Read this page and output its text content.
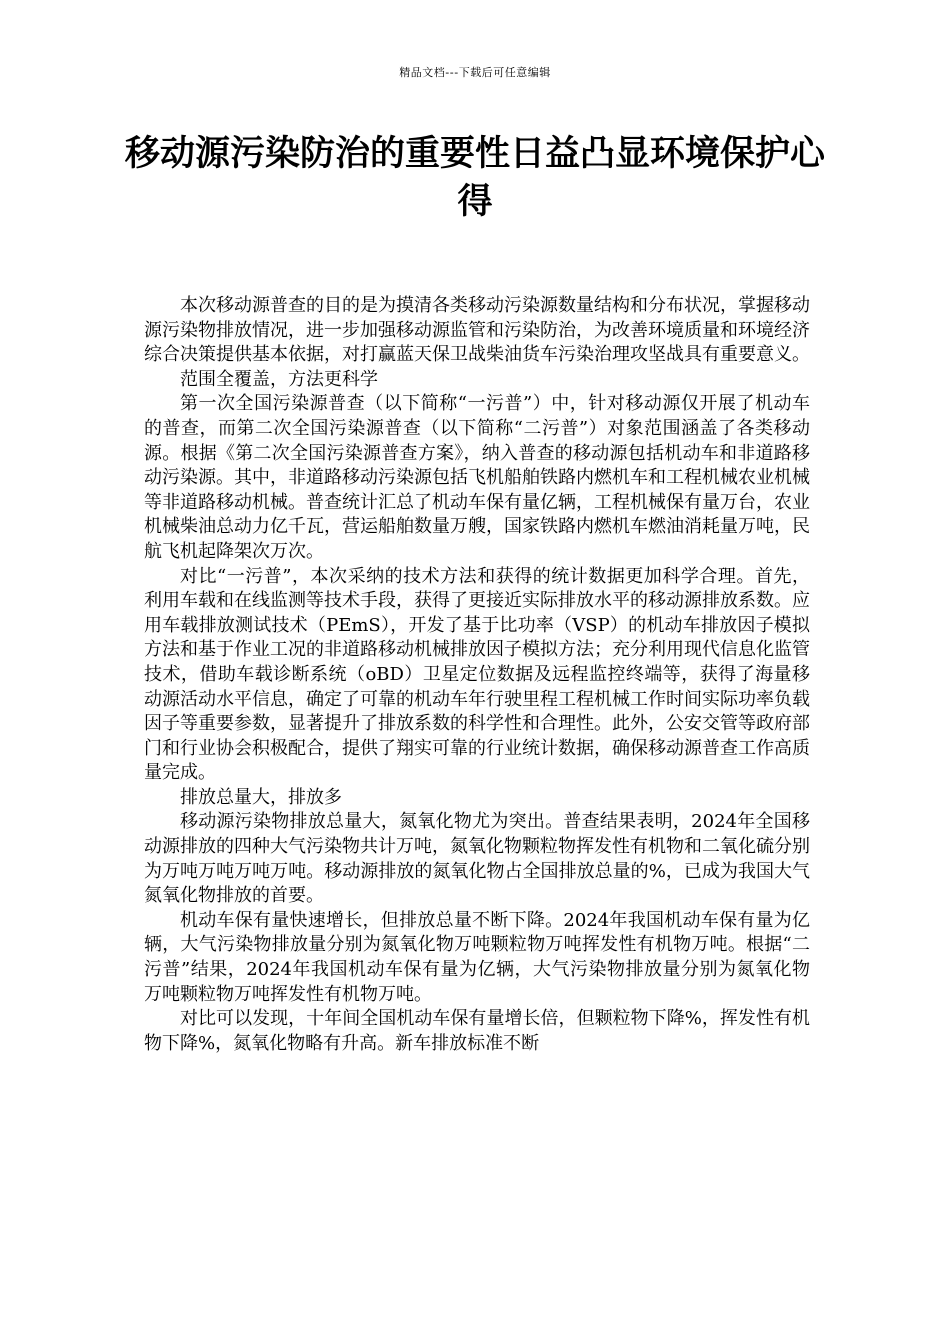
精品文档---下载后可任意编辑
移动源污染防治的重要性日益凸显环境保护心得

本次移动源普查的目的是为摸清各类移动污染源数量结构和分布状况，掌握移动源污染物排放情况，进一步加强移动源监管和污染防治，为改善环境质量和环境经济综合决策提供基本依据，对打赢蓝天保卫战柴油货车污染治理攻坚战具有重要意义。

范围全覆盖，方法更科学

第一次全国污染源普查（以下简称“一污普”）中，针对移动源仅开展了机动车的普查，而第二次全国污染源普查（以下简称“二污普”）对象范围涵盖了各类移动源。根据《第二次全国污染源普查方案》，纳入普查的移动源包括机动车和非道路移动污染源。其中，非道路移动污染源包括飞机船舶铁路内燃机车和工程机械农业机械等非道路移动机械。普查统计汇总了机动车保有量亿辆，工程机械保有量万台，农业机械柴油总动力亿千瓦，营运船舶数量万艘，国家铁路内燃机车燃油消耗量万吨，民航飞机起降架次万次。

对比“一污普”，本次采纳的技术方法和获得的统计数据更加科学合理。首先，利用车载和在线监测等技术手段，获得了更接近实际排放水平的移动源排放系数。应用车载排放测试技术（PEmS），开发了基于比功率（VSP）的机动车排放因子模拟方法和基于作业工况的非道路移动机械排放因子模拟方法；充分利用现代信息化监管技术，借助车载诊断系统（oBD）卫星定位数据及远程监控终端等，获得了海量移动源活动水平信息，确定了可靠的机动车年行驶里程工程机械工作时间实际功率负载因子等重要参数，显著提升了排放系数的科学性和合理性。此外，公安交管等政府部门和行业协会积极配合，提供了翔实可靠的行业统计数据，确保移动源普查工作高质量完成。

排放总量大，排放多

移动源污染物排放总量大，氮氧化物尤为突出。普查结果表明，2024年全国移动源排放的四种大气污染物共计万吨，氮氧化物颗粒物挥发性有机物和二氧化硫分别为万吨万吨万吨万吨。移动源排放的氮氧化物占全国排放总量的%，已成为我国大气氮氧化物排放的首要。

机动车保有量快速增长，但排放总量不断下降。2024年我国机动车保有量为亿辆，大气污染物排放量分别为氮氧化物万吨颗粒物万吨挥发性有机物万吨。根据“二污普”结果，2024年我国机动车保有量为亿辆，大气污染物排放量分别为氮氧化物万吨颗粒物万吨挥发性有机物万吨。

对比可以发现，十年间全国机动车保有量增长倍，但颗粒物下降%，挥发性有机物下降%，氮氧化物略有升高。新车排放标准不断
